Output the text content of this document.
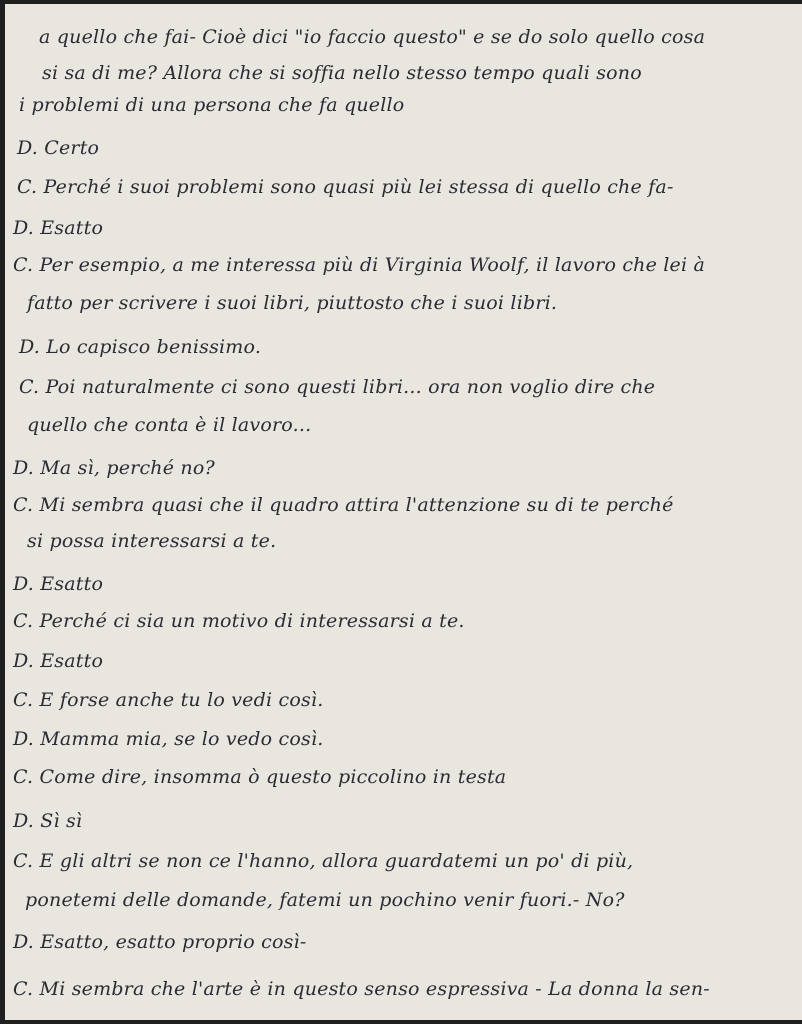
a quello che fai- Cioè dici "io faccio questo" e se do solo quello cosa
si sa di me? Allora che si soffia nello stesso tempo quali sono
i problemi di una persona che fa quello
D. Certo
C. Perché i suoi problemi sono quasi più lei stessa di quello che fa-
D. Esatto
C. Per esempio, a me interessa più di Virginia Woolf, il lavoro che lei à
fatto per scrivere i suoi libri, piuttosto che i suoi libri.
D. Lo capisco benissimo.
C. Poi naturalmente ci sono questi libri... ora non voglio dire che
quello che conta è il lavoro...
D. Ma sì, perché no?
C. Mi sembra quasi che il quadro attira l'attenzione su di te perché
si possa interessarsi a te.
D. Esatto
C. Perché ci sia un motivo di interessarsi a te.
D. Esatto
C. E forse anche tu lo vedi così.
D. Mamma mia, se lo vedo così.
C. Come dire, insomma ò questo piccolino in testa
D. Sì sì
C. E gli altri se non ce l'hanno, allora guardatemi un po' di più,
ponetemi delle domande, fatemi un pochino venir fuori.- No?
D. Esatto, esatto proprio così-
C. Mi sembra che l'arte è in questo senso espressiva - La donna la sen-
